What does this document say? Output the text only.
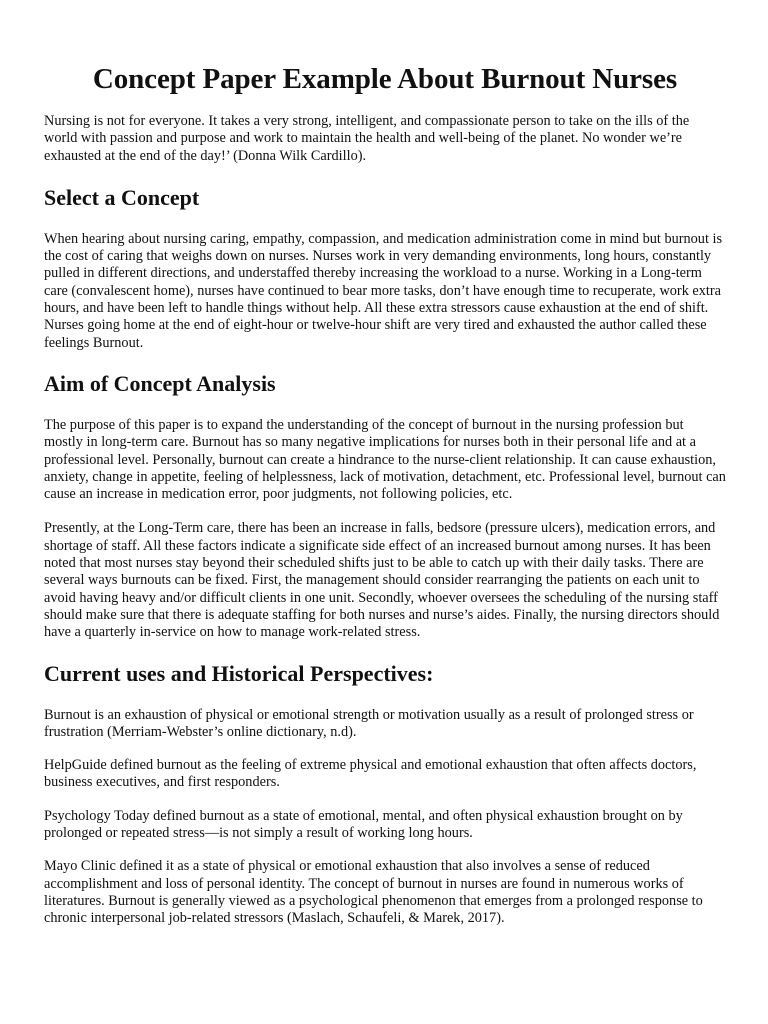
Concept Paper Example About Burnout Nurses

Nursing is not for everyone. It takes a very strong, intelligent, and compassionate person to take on the ills of the world with passion and purpose and work to maintain the health and well-being of the planet. No wonder we’re exhausted at the end of the day!’ (Donna Wilk Cardillo).

Select a Concept

When hearing about nursing caring, empathy, compassion, and medication administration come in mind but burnout is the cost of caring that weighs down on nurses. Nurses work in very demanding environments, long hours, constantly pulled in different directions, and understaffed thereby increasing the workload to a nurse. Working in a Long-term care (convalescent home), nurses have continued to bear more tasks, don’t have enough time to recuperate, work extra hours, and have been left to handle things without help. All these extra stressors cause exhaustion at the end of shift. Nurses going home at the end of eight-hour or twelve-hour shift are very tired and exhausted the author called these feelings Burnout.

Aim of Concept Analysis

The purpose of this paper is to expand the understanding of the concept of burnout in the nursing profession but mostly in long-term care. Burnout has so many negative implications for nurses both in their personal life and at a professional level. Personally, burnout can create a hindrance to the nurse-client relationship. It can cause exhaustion, anxiety, change in appetite, feeling of helplessness, lack of motivation, detachment, etc. Professional level, burnout can cause an increase in medication error, poor judgments, not following policies, etc.

Presently, at the Long-Term care, there has been an increase in falls, bedsore (pressure ulcers), medication errors, and shortage of staff. All these factors indicate a significate side effect of an increased burnout among nurses. It has been noted that most nurses stay beyond their scheduled shifts just to be able to catch up with their daily tasks. There are several ways burnouts can be fixed. First, the management should consider rearranging the patients on each unit to avoid having heavy and/or difficult clients in one unit. Secondly, whoever oversees the scheduling of the nursing staff should make sure that there is adequate staffing for both nurses and nurse’s aides. Finally, the nursing directors should have a quarterly in-service on how to manage work-related stress.

Current uses and Historical Perspectives:

Burnout is an exhaustion of physical or emotional strength or motivation usually as a result of prolonged stress or frustration (Merriam-Webster’s online dictionary, n.d).

HelpGuide defined burnout as the feeling of extreme physical and emotional exhaustion that often affects doctors, business executives, and first responders.

Psychology Today defined burnout as a state of emotional, mental, and often physical exhaustion brought on by prolonged or repeated stress—is not simply a result of working long hours.

Mayo Clinic defined it as a state of physical or emotional exhaustion that also involves a sense of reduced accomplishment and loss of personal identity. The concept of burnout in nurses are found in numerous works of literatures. Burnout is generally viewed as a psychological phenomenon that emerges from a prolonged response to chronic interpersonal job-related stressors (Maslach, Schaufeli, & Marek, 2017).
